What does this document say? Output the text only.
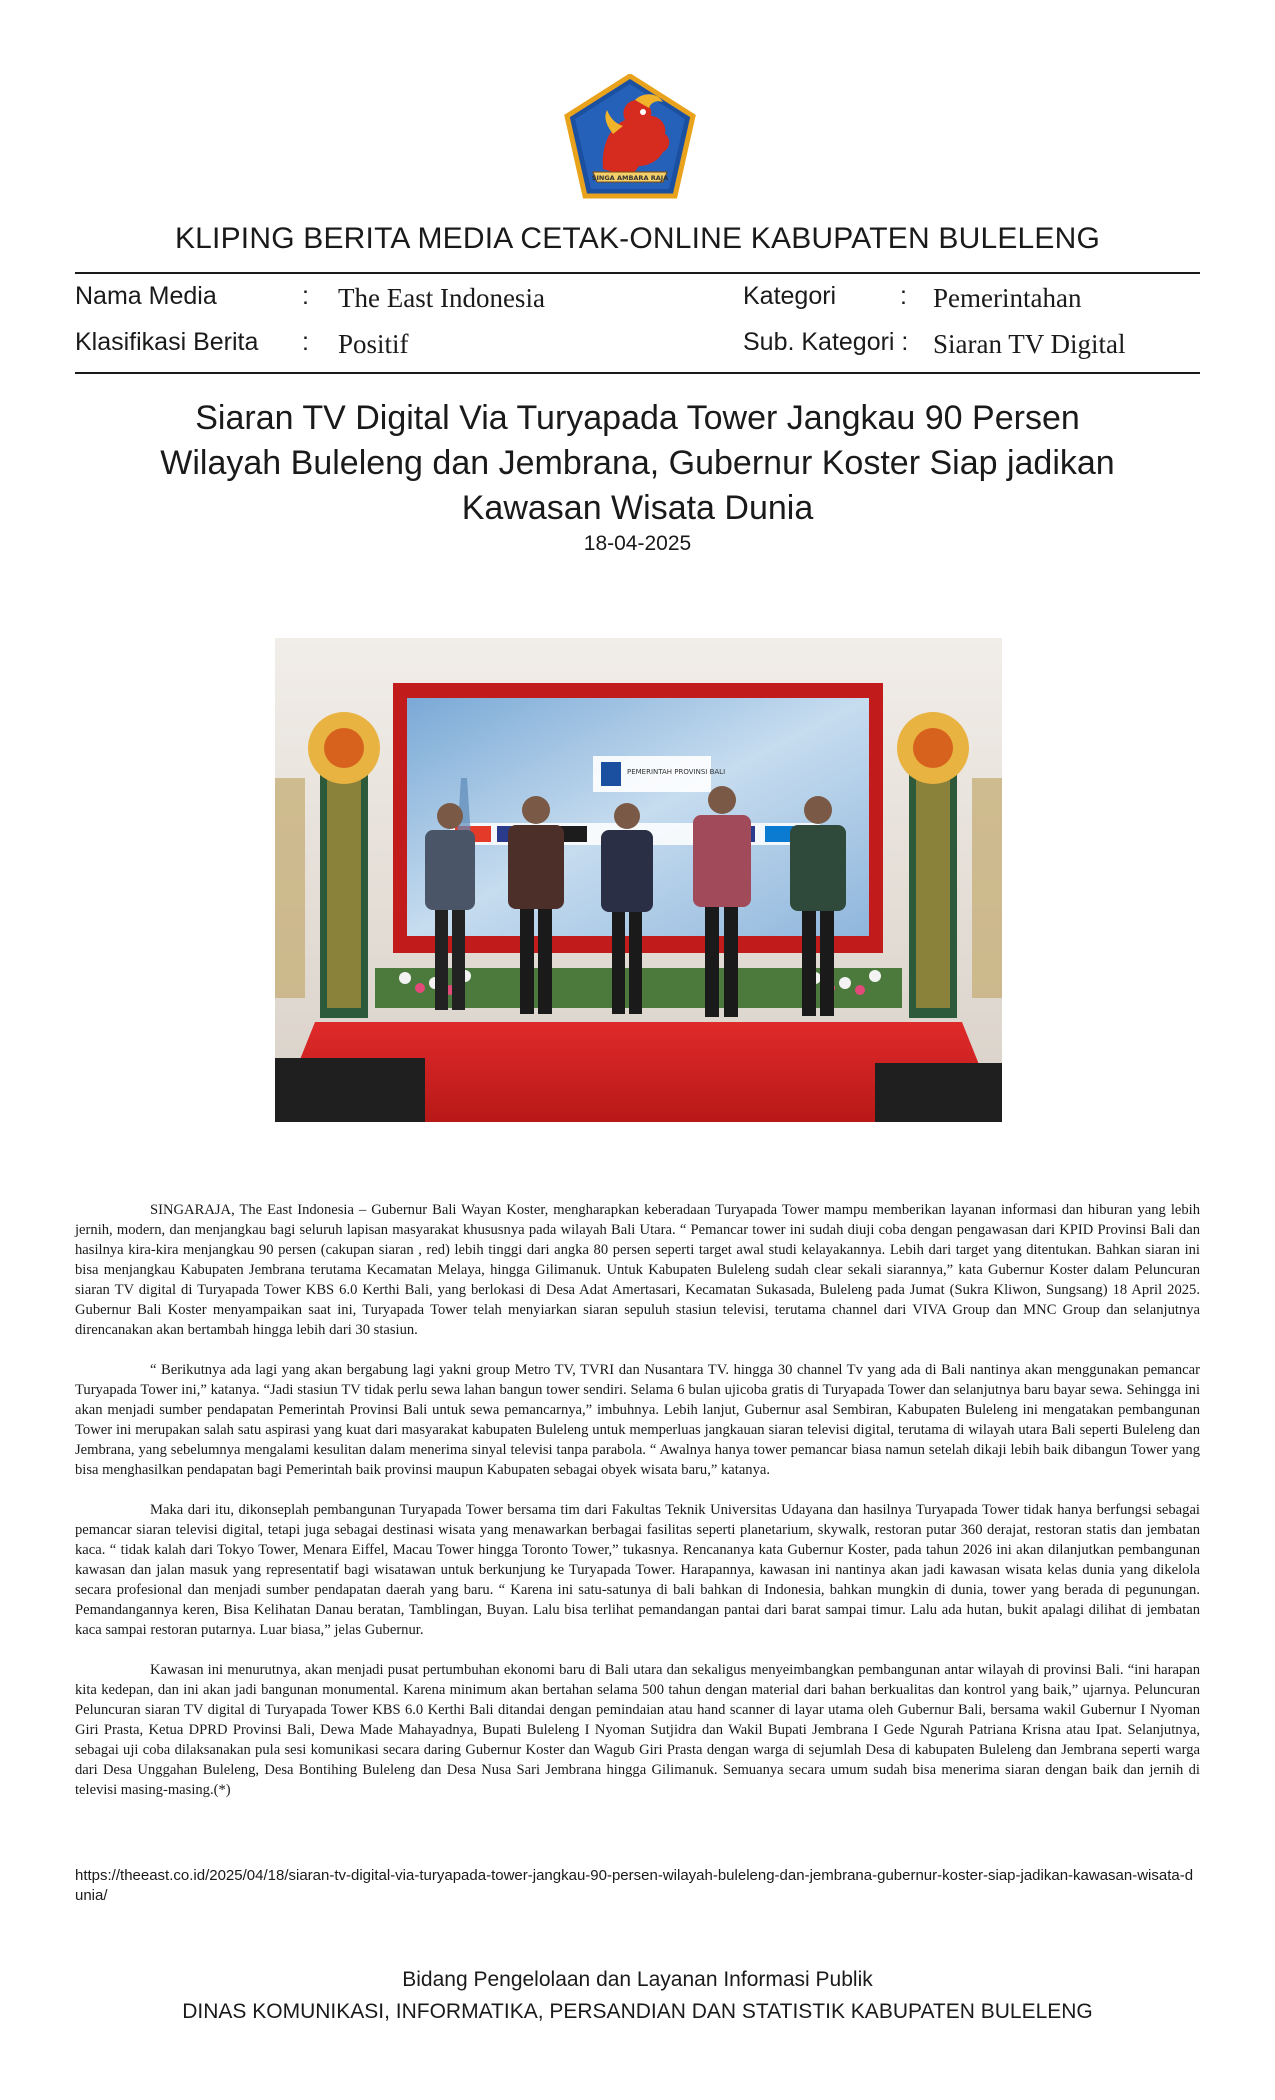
SINGA AMBARA RAJA
KLIPING BERITA MEDIA CETAK-ONLINE KABUPATEN BULELENG
Nama Media	: The East Indonesia	Kategori	: Pemerintahan
Klasifikasi Berita : Positif	Sub. Kategori : Siaran TV Digital
Siaran TV Digital Via Turyapada Tower Jangkau 90 Persen
Wilayah Buleleng dan Jembrana, Gubernur Koster Siap jadikan
Kawasan Wisata Dunia
18-04-2025
PEMERINTAH PROVINSI BALI

SINGARAJA, The East Indonesia – Gubernur Bali Wayan Koster, mengharapkan keberadaan Turyapada Tower mampu memberikan layanan informasi dan hiburan yang lebih jernih, modern, dan menjangkau bagi seluruh lapisan masyarakat khususnya pada wilayah Bali Utara. “ Pemancar tower ini sudah diuji coba dengan pengawasan dari KPID Provinsi Bali dan hasilnya kira-kira menjangkau 90 persen (cakupan siaran , red) lebih tinggi dari angka 80 persen seperti target awal studi kelayakannya. Lebih dari target yang ditentukan. Bahkan siaran ini bisa menjangkau Kabupaten Jembrana terutama Kecamatan Melaya, hingga Gilimanuk. Untuk Kabupaten Buleleng sudah clear sekali siarannya,” kata Gubernur Koster dalam Peluncuran siaran TV digital di Turyapada Tower KBS 6.0 Kerthi Bali, yang berlokasi di Desa Adat Amertasari, Kecamatan Sukasada, Buleleng pada Jumat (Sukra Kliwon, Sungsang) 18 April 2025. Gubernur Bali Koster menyampaikan saat ini, Turyapada Tower telah menyiarkan siaran sepuluh stasiun televisi, terutama channel dari VIVA Group dan MNC Group dan selanjutnya direncanakan akan bertambah hingga lebih dari 30 stasiun.

“ Berikutnya ada lagi yang akan bergabung lagi yakni group Metro TV, TVRI dan Nusantara TV. hingga 30 channel Tv yang ada di Bali nantinya akan menggunakan pemancar Turyapada Tower ini,” katanya. “Jadi stasiun TV tidak perlu sewa lahan bangun tower sendiri. Selama 6 bulan ujicoba gratis di Turyapada Tower dan selanjutnya baru bayar sewa. Sehingga ini akan menjadi sumber pendapatan Pemerintah Provinsi Bali untuk sewa pemancarnya,” imbuhnya. Lebih lanjut, Gubernur asal Sembiran, Kabupaten Buleleng ini mengatakan pembangunan Tower ini merupakan salah satu aspirasi yang kuat dari masyarakat kabupaten Buleleng untuk memperluas jangkauan siaran televisi digital, terutama di wilayah utara Bali seperti Buleleng dan Jembrana, yang sebelumnya mengalami kesulitan dalam menerima sinyal televisi tanpa parabola. “ Awalnya hanya tower pemancar biasa namun setelah dikaji lebih baik dibangun Tower yang bisa menghasilkan pendapatan bagi Pemerintah baik provinsi maupun Kabupaten sebagai obyek wisata baru,” katanya.

Maka dari itu, dikonseplah pembangunan Turyapada Tower bersama tim dari Fakultas Teknik Universitas Udayana dan hasilnya Turyapada Tower tidak hanya berfungsi sebagai pemancar siaran televisi digital, tetapi juga sebagai destinasi wisata yang menawarkan berbagai fasilitas seperti planetarium, skywalk, restoran putar 360 derajat, restoran statis dan jembatan kaca. “ tidak kalah dari Tokyo Tower, Menara Eiffel, Macau Tower hingga Toronto Tower,” tukasnya. Rencananya kata Gubernur Koster, pada tahun 2026 ini akan dilanjutkan pembangunan kawasan dan jalan masuk yang representatif bagi wisatawan untuk berkunjung ke Turyapada Tower. Harapannya, kawasan ini nantinya akan jadi kawasan wisata kelas dunia yang dikelola secara profesional dan menjadi sumber pendapatan daerah yang baru. “ Karena ini satu-satunya di bali bahkan di Indonesia, bahkan mungkin di dunia, tower yang berada di pegunungan. Pemandangannya keren, Bisa Kelihatan Danau beratan, Tamblingan, Buyan. Lalu bisa terlihat pemandangan pantai dari barat sampai timur. Lalu ada hutan, bukit apalagi dilihat di jembatan kaca sampai restoran putarnya. Luar biasa,” jelas Gubernur.

Kawasan ini menurutnya, akan menjadi pusat pertumbuhan ekonomi baru di Bali utara dan sekaligus menyeimbangkan pembangunan antar wilayah di provinsi Bali. “ini harapan kita kedepan, dan ini akan jadi bangunan monumental. Karena minimum akan bertahan selama 500 tahun dengan material dari bahan berkualitas dan kontrol yang baik,” ujarnya. Peluncuran Peluncuran siaran TV digital di Turyapada Tower KBS 6.0 Kerthi Bali ditandai dengan pemindaian atau hand scanner di layar utama oleh Gubernur Bali, bersama wakil Gubernur I Nyoman Giri Prasta, Ketua DPRD Provinsi Bali, Dewa Made Mahayadnya, Bupati Buleleng I Nyoman Sutjidra dan Wakil Bupati Jembrana I Gede Ngurah Patriana Krisna atau Ipat. Selanjutnya, sebagai uji coba dilaksanakan pula sesi komunikasi secara daring Gubernur Koster dan Wagub Giri Prasta dengan warga di sejumlah Desa di kabupaten Buleleng dan Jembrana seperti warga dari Desa Unggahan Buleleng, Desa Bontihing Buleleng dan Desa Nusa Sari Jembrana hingga Gilimanuk. Semuanya secara umum sudah bisa menerima siaran dengan baik dan jernih di televisi masing-masing.(*)

https://theeast.co.id/2025/04/18/siaran-tv-digital-via-turyapada-tower-jangkau-90-persen-wilayah-buleleng-dan-jembrana-gubernur-koster-siap-jadikan-kawasan-wisata-dunia/
Bidang Pengelolaan dan Layanan Informasi Publik
DINAS KOMUNIKASI, INFORMATIKA, PERSANDIAN DAN STATISTIK KABUPATEN BULELENG
